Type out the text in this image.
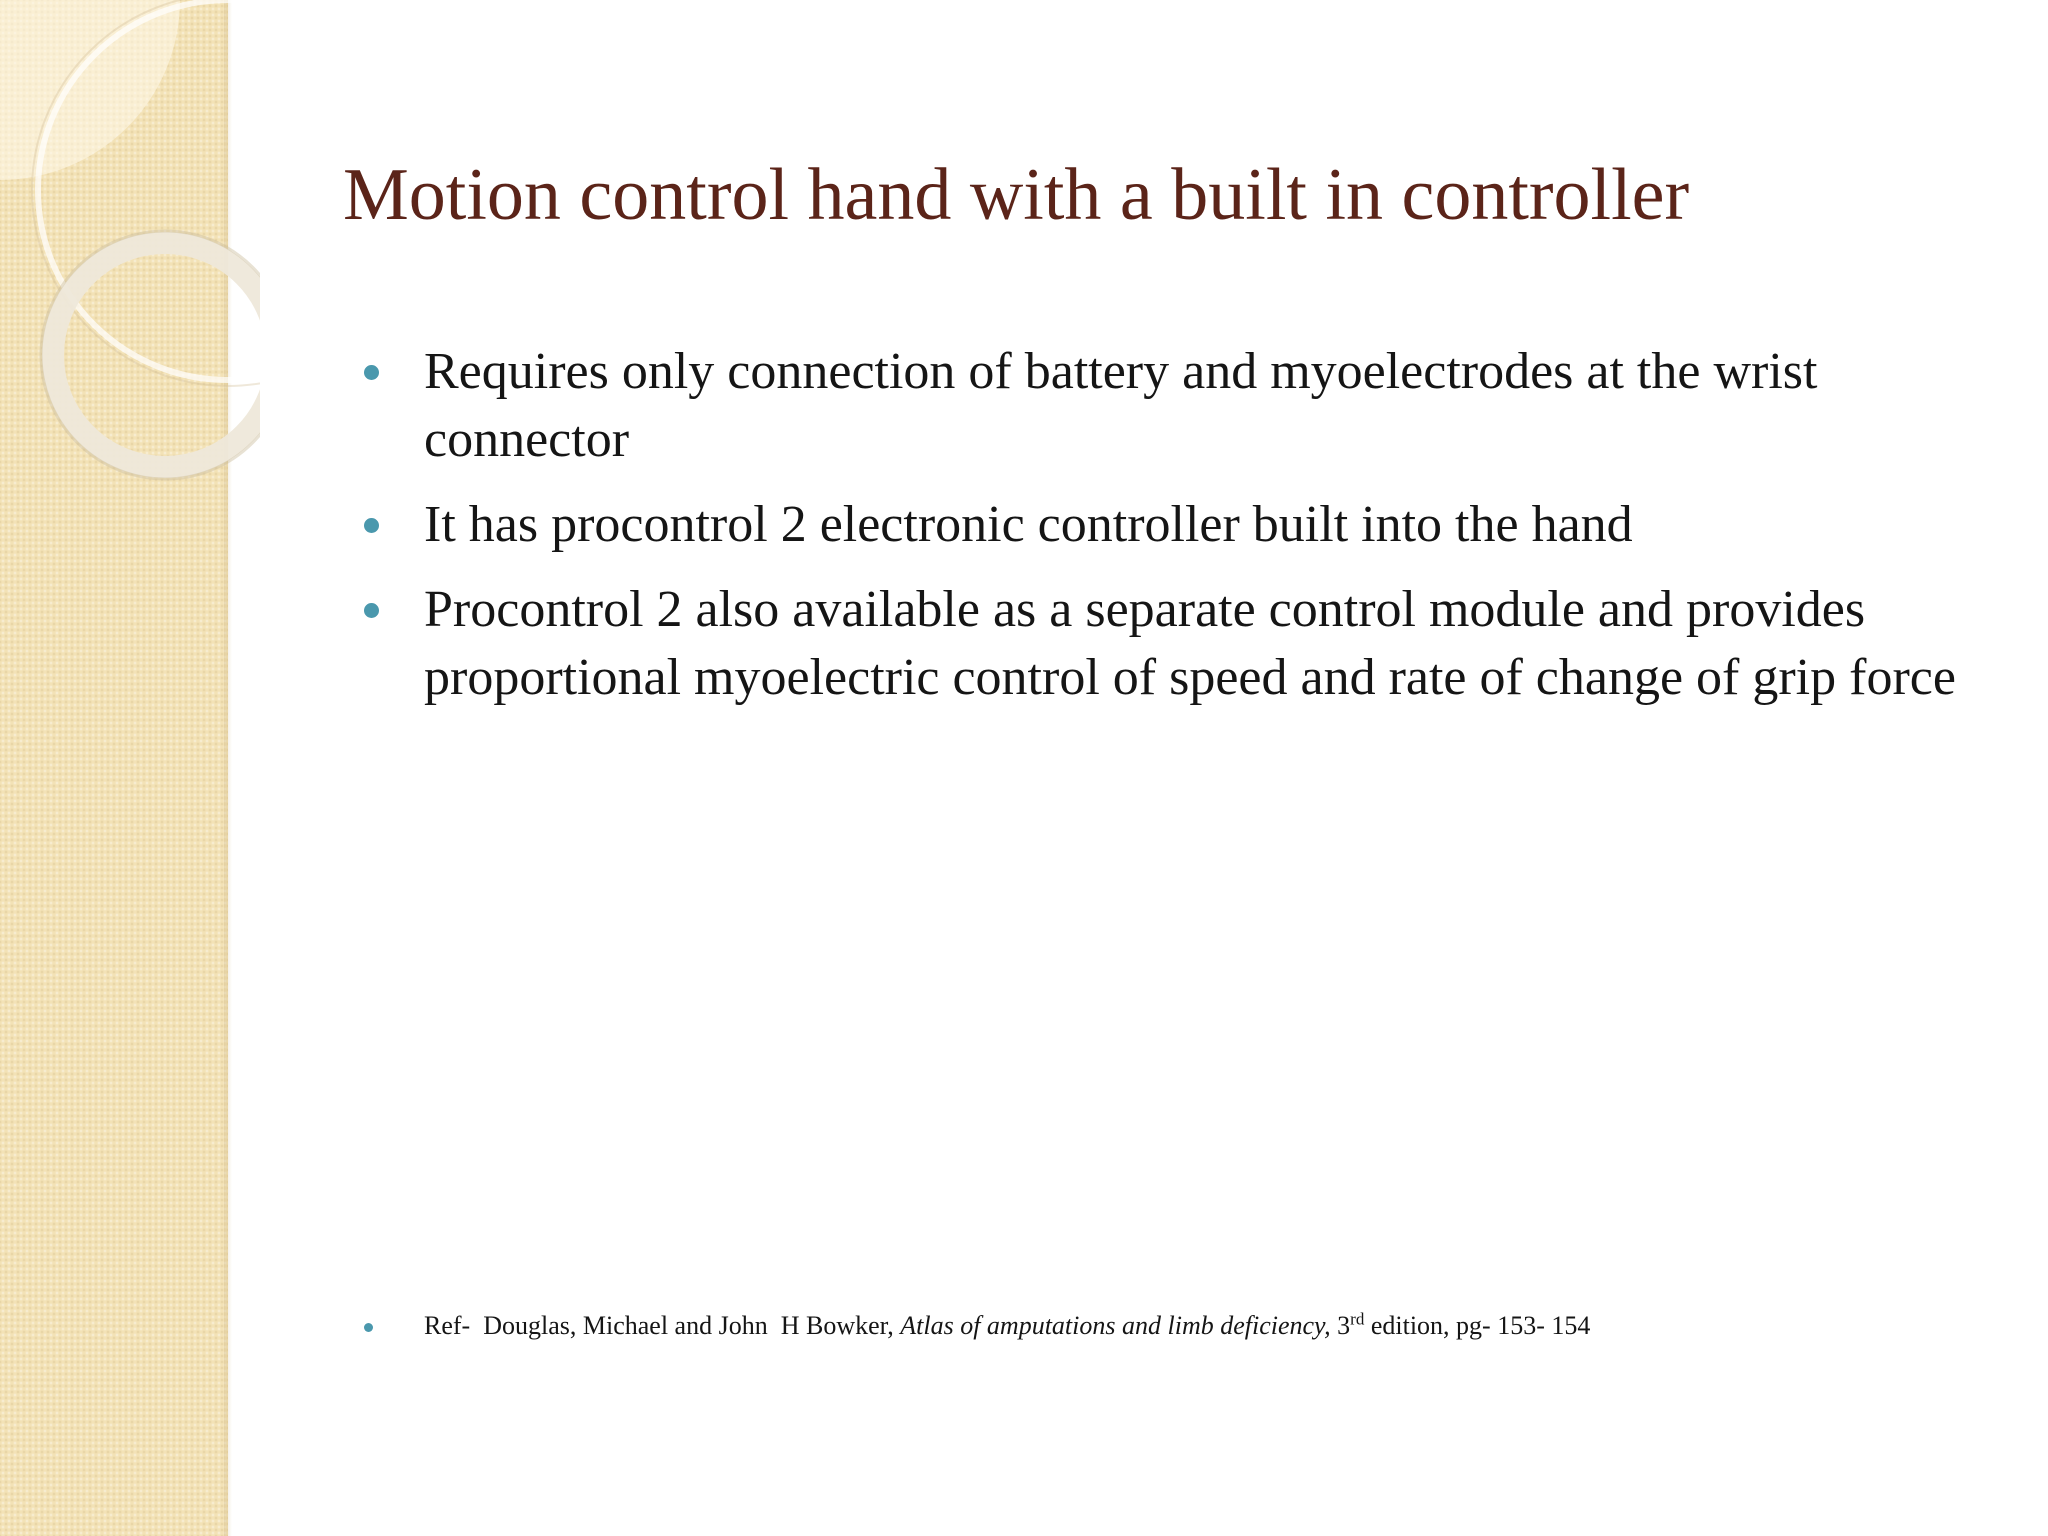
Motion control hand with a built in controller
Requires only connection of battery and myoelectrodes at the wrist connector
It has procontrol 2 electronic controller built into the hand
Procontrol 2 also available as a separate control module and provides proportional myoelectric control of speed and rate of change of grip force
Ref-  Douglas, Michael and John  H Bowker, Atlas of amputations and limb deficiency, 3rd edition, pg- 153- 154
